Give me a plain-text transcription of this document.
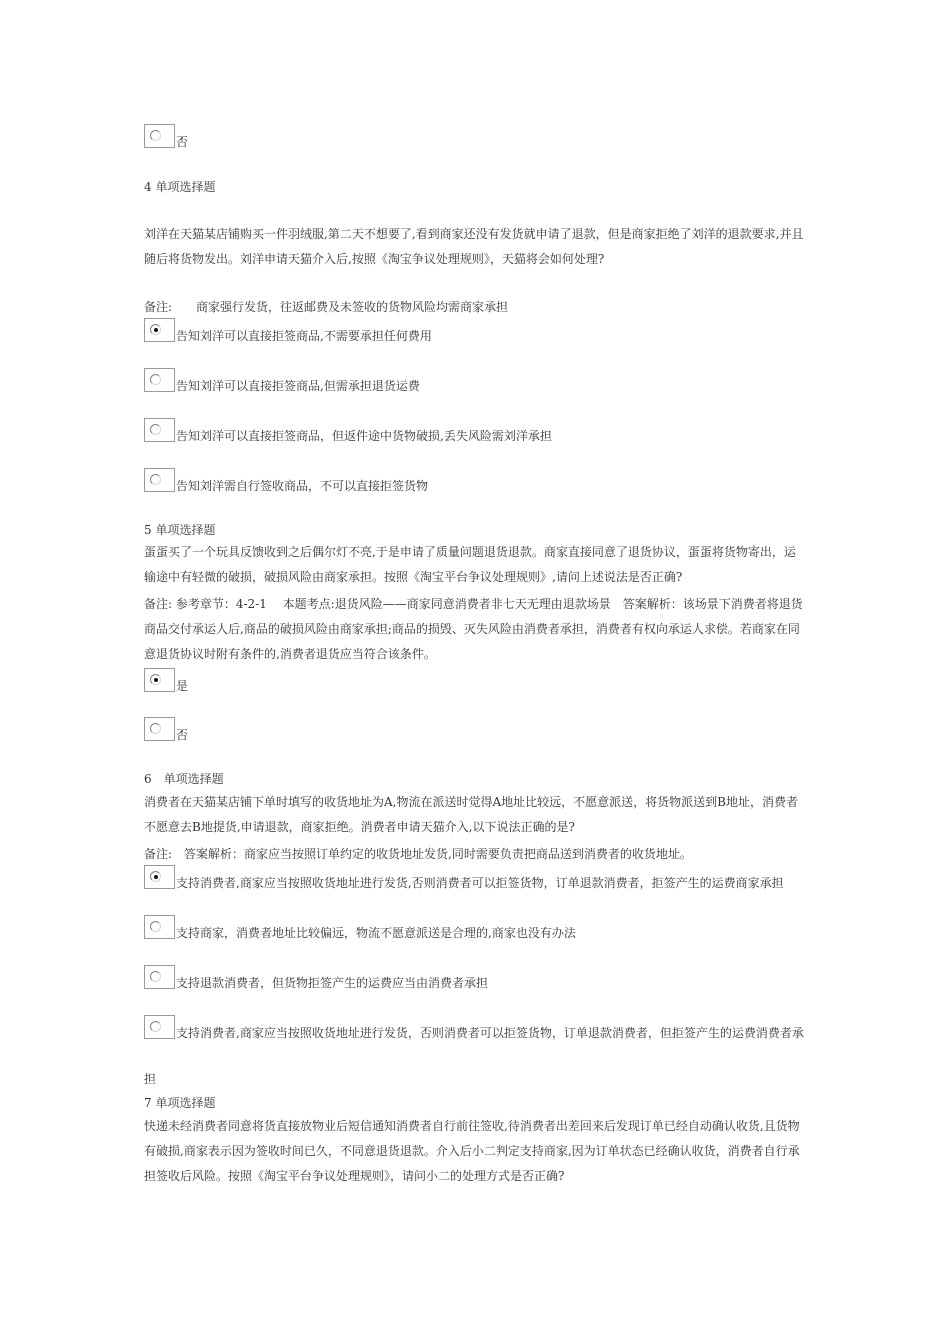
否
4 单项选择题
刘洋在天猫某店铺购买一件羽绒服,第二天不想要了,看到商家还没有发货就申请了退款，但是商家拒绝了刘洋的退款要求,并且随后将货物发出。刘洋申请天猫介入后,按照《淘宝争议处理规则》，天猫将会如何处理?
备注:　　商家强行发货，往返邮费及未签收的货物风险均需商家承担
告知刘洋可以直接拒签商品,不需要承担任何费用
告知刘洋可以直接拒签商品,但需承担退货运费
告知刘洋可以直接拒签商品，但返件途中货物破损,丢失风险需刘洋承担
告知刘洋需自行签收商品，不可以直接拒签货物
5 单项选择题
蛋蛋买了一个玩具反馈收到之后偶尔灯不亮,于是申请了质量问题退货退款。商家直接同意了退货协议，蛋蛋将货物寄出，运输途中有轻微的破损，破损风险由商家承担。按照《淘宝平台争议处理规则》,请问上述说法是否正确?
备注: 参考章节：4-2-1　 本题考点:退货风险——商家同意消费者非七天无理由退款场景　答案解析：该场景下消费者将退货商品交付承运人后,商品的破损风险由商家承担;商品的损毁、灭失风险由消费者承担，消费者有权向承运人求偿。若商家在同意退货协议时附有条件的,消费者退货应当符合该条件。
是
否
6　单项选择题
消费者在天猫某店铺下单时填写的收货地址为A,物流在派送时觉得A地址比较远，不愿意派送，将货物派送到B地址，消费者不愿意去B地提货,申请退款，商家拒绝。消费者申请天猫介入,以下说法正确的是?
备注:　答案解析：商家应当按照订单约定的收货地址发货,同时需要负责把商品送到消费者的收货地址。
支持消费者,商家应当按照收货地址进行发货,否则消费者可以拒签货物，订单退款消费者，拒签产生的运费商家承担
支持商家，消费者地址比较偏远，物流不愿意派送是合理的,商家也没有办法
支持退款消费者，但货物拒签产生的运费应当由消费者承担
支持消费者,商家应当按照收货地址进行发货，否则消费者可以拒签货物，订单退款消费者，但拒签产生的运费消费者承
担
7 单项选择题
快递未经消费者同意将货直接放物业后短信通知消费者自行前往签收,待消费者出差回来后发现订单已经自动确认收货,且货物有破损,商家表示因为签收时间已久，不同意退货退款。介入后小二判定支持商家,因为订单状态已经确认收货，消费者自行承担签收后风险。按照《淘宝平台争议处理规则》，请问小二的处理方式是否正确?
